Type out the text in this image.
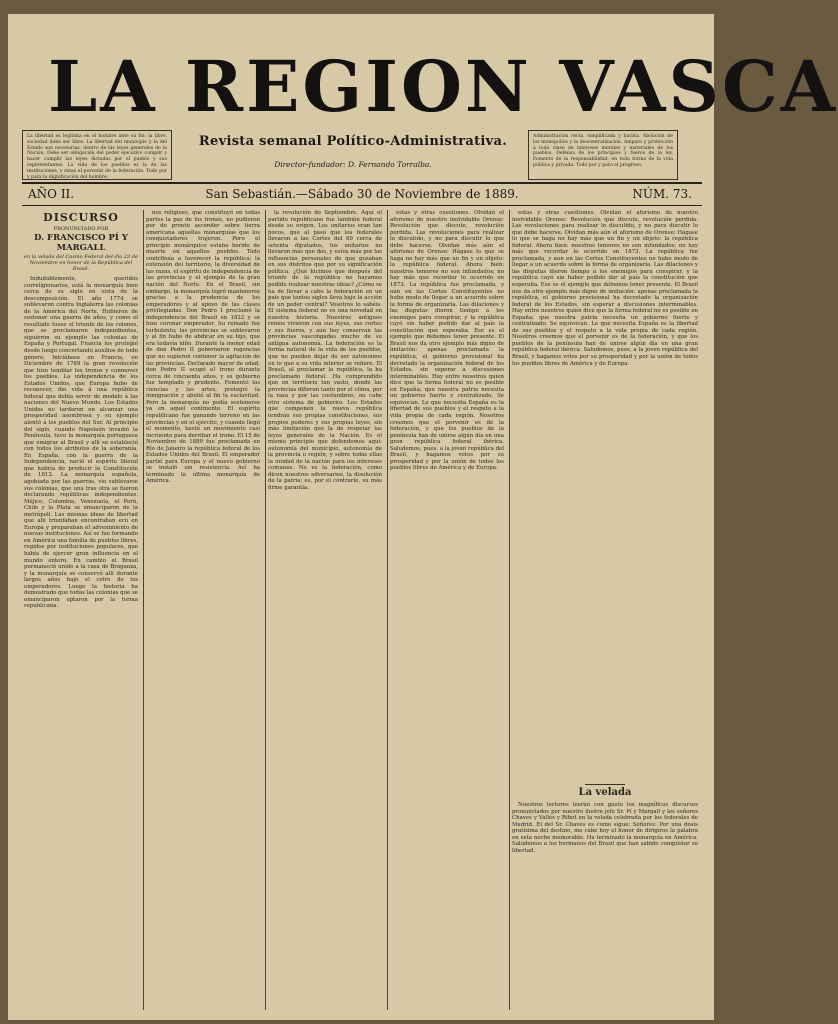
LA REGION VASCA
La libertad es legítima en el hombre ante su fin: la libre, sociedad debe ser libre. La libertad del municipio y la del Estado son necesarias, dentro de las leyes generales de la Nación. Debe ser obligación del poder ejecutivo cumplir y hacer cumplir las leyes dictadas por el pueblo y sus representantes. La vida de los pueblos es la de las instituciones, y éstas el porvenir de la federación. Todo por y para la dignificación del hombre.
Revista semanal Político-Administrativa.
Director-fundador: D. Fernando Torralba.
Administración recta, simplificada y barata. Abolición de los monopolios y la descentralización. Amparo y protección á toda clase de intereses morales y materiales de los pueblos. Defensa de los principios y fueros de la ley. Fomento de la responsabilidad, en toda forma de la vida pública y privada. Todo por y para el progreso.
AÑO II.	San Sebastián.—Sábado 30 de Noviembre de 1889.	NÚM. 73.
DISCURSO
PRONUNCIADO POR
D. FRANCISCO PÍ Y MARGALL
en la velada del Casino Federal del día 23 de Noviembre en honor de la República del Brasil.

Indudablemente, queridos correligionarios, está la monarquía bien cerca de su siglo en vista de la descomposición. El año 1774 se sublevaron contra Inglaterra las colonias de la América del Norte. Hubieron de sostener una guerra de años, y como el resultado fuese el triunfo de los colonos, que se proclamaron independientes, siguieron su ejemplo las colonias de España y Portugal. Francia los protegió desde luego concertando auxilios de todo género. Iniciábase en Francia, en Diciembre de 1789 la gran revolución que hizo temblar los tronos y conmover los pueblos. La independencia de los Estados Unidos, que Europa hubo de reconocer, dio vida á una república federal que debía servir de modelo á las naciones del Nuevo Mundo. Los Estados Unidos no tardaron en alcanzar una prosperidad asombrosa y su ejemplo alentó á los pueblos del Sur. Al principio del siglo, cuando Napoleón invadió la Península, tuvo la monarquía portuguesa que emigrar al Brasil y allí se estableció con todos los atributos de la soberanía. En España, con la guerra de la Independencia, nació el espíritu liberal que habría de producir la Constitución de 1812. La monarquía española, agobiada por las guerras, vio sublevarse sus colonias, que una tras otra se fueron declarando repúblicas independientes. Méjico, Colombia, Venezuela, el Perú, Chile y la Plata se emanciparon de la metrópoli. Las mismas ideas de libertad que allí triunfaban encontraban eco en Europa y preparaban el advenimiento de nuevas instituciones. Así se fue formando en América una familia de pueblos libres, regidos por instituciones populares, que había de ejercer gran influencia en el mundo entero. En cambio el Brasil permaneció unido a la casa de Braganza, y la monarquía se conservó allí durante largos años bajo el cetro de los emperadores. Luego la historia ha demostrado que todas las colonias que se emanciparon optaron por la forma republicana.

nos religioso, que constituyó en todas partes la paz de los tronos, no pudieron por de pronto ascender sobre tierra americana aquellas monarquías que los conquistadores trajeron. Pero el principio monárquico estaba herido de muerte en aquellos pueblos. Todo contribuía a favorecer la república; la extensión del territorio, la diversidad de las razas, el espíritu de independencia de las provincias y el ejemplo de la gran nación del Norte. En el Brasil, sin embargo, la monarquía logró mantenerse gracias a la prudencia de los emperadores y al apoyo de las clases privilegiadas. Don Pedro I proclamó la independencia del Brasil en 1822 y se hizo coronar emperador. Su reinado fue turbulento; las provincias se sublevaron y al fin hubo de abdicar en su hijo, que era todavía niño. Durante la menor edad de don Pedro II gobernaron regencias que no supieron contener la agitación de las provincias. Declarado mayor de edad, don Pedro II ocupó el trono durante cerca de cincuenta años, y su gobierno fue templado y prudente. Fomentó las ciencias y las artes, protegió la inmigración y abolió al fin la esclavitud. Pero la monarquía no podía sostenerse ya en aquel continente. El espíritu republicano fue ganando terreno en las provincias y en el ejército, y cuando llegó el momento, bastó un movimiento casi incruento para derribar el trono. El 15 de Noviembre de 1889 fue proclamada en Río de Janeiro la república federal de los Estados Unidos del Brasil. El emperador partió para Europa y el nuevo gobierno se instaló sin resistencia. Así ha terminado la última monarquía de América.

la revolución de Septiembre. Aquí el partido republicano fue también federal desde su origen. Los unitarios eran tan pocos, que al paso que los federales llevaron a las Cortes del 69 cerca de setenta diputados, los unitarios no llevaron más que dos, y estos más por las influencias personales de que gozaban en sus distritos que por su significación política. ¿Qué hicimos que después del triunfo de la república no hayamos podido realizar nuestras ideas? ¿Cómo se ha de llevar a cabo la federación en un país que tantos siglos lleva bajo la acción de un poder central? Vosotros lo sabéis. El sistema federal no es una novedad en nuestra historia. Nuestros antiguos reinos vivieron con sus leyes, sus cortes y sus fueros, y aun hoy conservan las provincias vascongadas mucho de su antigua autonomía. La federación es la forma natural de la vida de los pueblos, que no pueden dejar de ser autónomos en lo que a su vida interior se refiere. El Brasil, al proclamar la república, la ha proclamado federal. Ha comprendido que en territorio tan vasto, donde las provincias difieren tanto por el clima, por la raza y por las costumbres, no cabe otro sistema de gobierno. Los Estados que componen la nueva república tendrán sus propias constituciones, sus propios poderes y sus propias leyes, sin más limitación que la de respetar las leyes generales de la Nación. Es el mismo principio que defendemos aquí: autonomía del municipio, autonomía de la provincia o región, y sobre todas ellas la unidad de la nación para los intereses comunes. No es la federación, como dicen nuestros adversarios, la disolución de la patria; es, por el contrario, su más firme garantía.

estas y otras cuestiones. Olvidan el aforismo de nuestro inolvidable Orense: Revolución que discute, revolución perdida. Las revoluciones para realizar lo discutido, y no para discutir lo que debe hacerse. Olvidan más aún el aforismo de Orense: Hágase lo que se haga no hay más que un fin y un objeto: la república federal. Ahora bien: nuestros temores no son infundados; no hay más que recordar lo ocurrido en 1873. La república fue proclamada, y aun en las Cortes Constituyentes no hubo modo de llegar a un acuerdo sobre la forma de organizarla. Las dilaciones y las disputas dieron tiempo a los enemigos para conspirar, y la república cayó sin haber podido dar al país la constitución que esperaba. Ese es el ejemplo que debemos tener presente. El Brasil nos da otro ejemplo más digno de imitación: apenas proclamada la república, el gobierno provisional ha decretado la organización federal de los Estados, sin esperar a discusiones interminables. Hay entre nosotros quien dice que la forma federal no es posible en España; que nuestra patria necesita un gobierno fuerte y centralizado. Se equivocan. Lo que necesita España es la libertad de sus pueblos y el respeto a la vida propia de cada región. Nosotros creemos que el porvenir es de la federación, y que los pueblos de la península han de unirse algún día en una gran república federal ibérica. Saludemos, pues, a la joven república del Brasil, y hagamos votos por su prosperidad y por la unión de todos los pueblos libres de América y de Europa.

estas y otras cuestiones. Olvidan el aforismo de nuestro inolvidable Orense: Revolución que discute, revolución perdida. Las revoluciones para realizar lo discutido, y no para discutir lo que debe hacerse. Olvidan más aún el aforismo de Orense: Hágase lo que se haga no hay más que un fin y un objeto: la república federal. Ahora bien: nuestros temores no son infundados; no hay más que recordar lo ocurrido en 1873. La república fue proclamada, y aun en las Cortes Constituyentes no hubo modo de llegar a un acuerdo sobre la forma de organizarla. Las dilaciones y las disputas dieron tiempo a los enemigos para conspirar, y la república cayó sin haber podido dar al país la constitución que esperaba. Ese es el ejemplo que debemos tener presente. El Brasil nos da otro ejemplo más digno de imitación: apenas proclamada la república, el gobierno provisional ha decretado la organización federal de los Estados, sin esperar a discusiones interminables. Hay entre nosotros quien dice que la forma federal no es posible en España; que nuestra patria necesita un gobierno fuerte y centralizado. Se equivocan. Lo que necesita España es la libertad de sus pueblos y el respeto a la vida propia de cada región. Nosotros creemos que el porvenir es de la federación, y que los pueblos de la península han de unirse algún día en una gran república federal ibérica. Saludemos, pues, a la joven república del Brasil, y hagamos votos por su prosperidad y por la unión de todos los pueblos libres de América y de Europa.

La velada

Nuestros lectores leerán con gusto los magníficos discursos pronunciados por nuestro ilustre jefe Sr. Pí y Margall y los señores Chaves y Vallés y Ribot en la velada celebrada por los federales de Madrid. El del Sr. Chaves es como sigue: Señores: Por una dosis gratísima del destino, me cabe hoy el honor de dirigiros la palabra en esta noche memorable. Ha terminado la monarquía en América. Saludemos a los hermanos del Brasil que han sabido conquistar su libertad.
